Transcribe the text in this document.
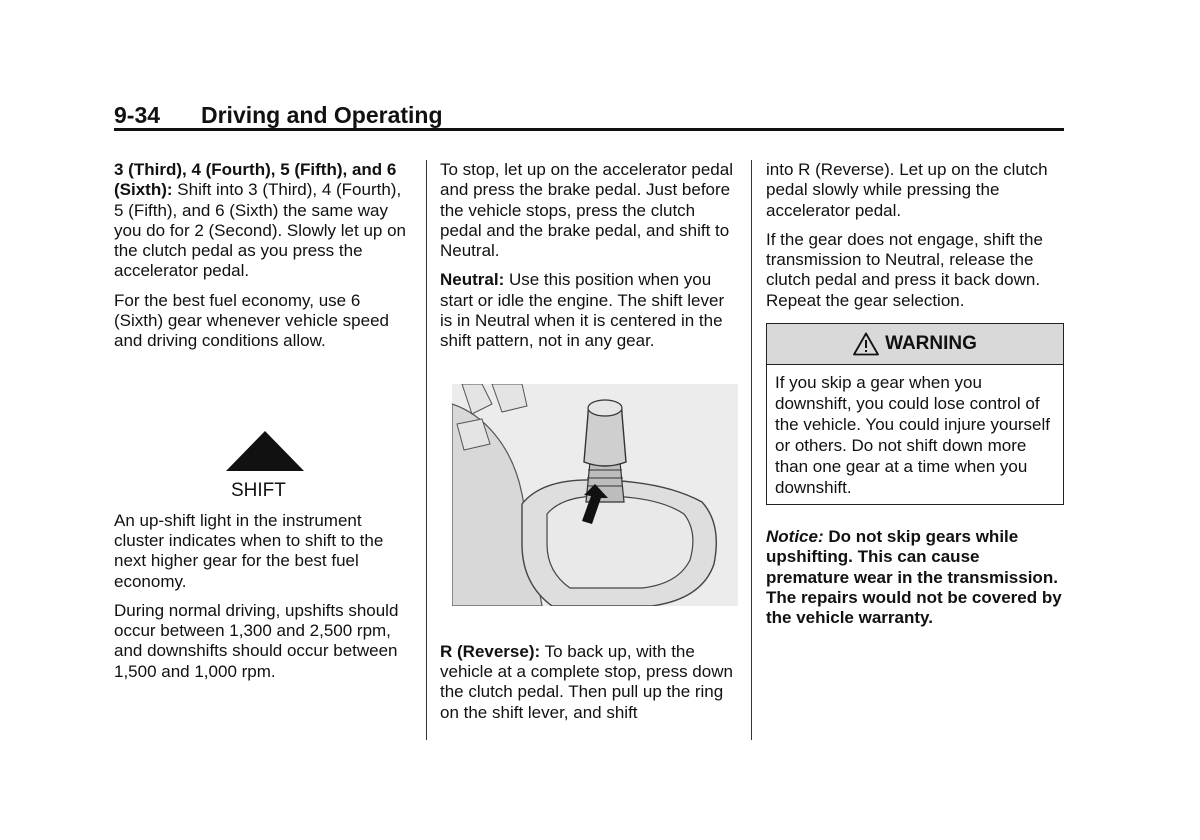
9-34 Driving and Operating

3 (Third), 4 (Fourth), 5 (Fifth), and 6 (Sixth): Shift into 3 (Third), 4 (Fourth), 5 (Fifth), and 6 (Sixth) the same way you do for 2 (Second). Slowly let up on the clutch pedal as you press the accelerator pedal.

For the best fuel economy, use 6 (Sixth) gear whenever vehicle speed and driving conditions allow.

SHIFT

An up-shift light in the instrument cluster indicates when to shift to the next higher gear for the best fuel economy.

During normal driving, upshifts should occur between 1,300 and 2,500 rpm, and downshifts should occur between 1,500 and 1,000 rpm.

To stop, let up on the accelerator pedal and press the brake pedal. Just before the vehicle stops, press the clutch pedal and the brake pedal, and shift to Neutral.

Neutral: Use this position when you start or idle the engine. The shift lever is in Neutral when it is centered in the shift pattern, not in any gear.

R (Reverse): To back up, with the vehicle at a complete stop, press down the clutch pedal. Then pull up the ring on the shift lever, and shift

into R (Reverse). Let up on the clutch pedal slowly while pressing the accelerator pedal.

If the gear does not engage, shift the transmission to Neutral, release the clutch pedal and press it back down. Repeat the gear selection.

WARNING
If you skip a gear when you downshift, you could lose control of the vehicle. You could injure yourself or others. Do not shift down more than one gear at a time when you downshift.

Notice: Do not skip gears while upshifting. This can cause premature wear in the transmission. The repairs would not be covered by the vehicle warranty.
